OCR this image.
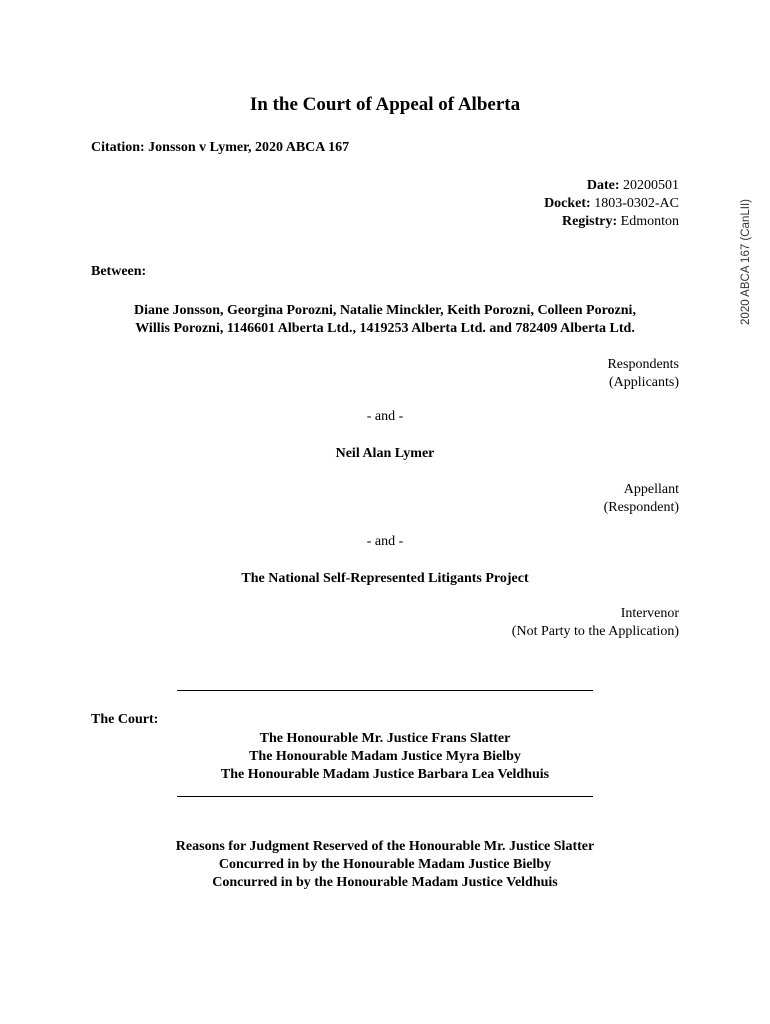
In the Court of Appeal of Alberta
Citation: Jonsson v Lymer, 2020 ABCA 167
Date: 20200501
Docket: 1803-0302-AC
Registry: Edmonton
Between:
Diane Jonsson, Georgina Porozni, Natalie Minckler, Keith Porozni, Colleen Porozni,
Willis Porozni, 1146601 Alberta Ltd., 1419253 Alberta Ltd. and 782409 Alberta Ltd.
Respondents
(Applicants)
- and -
Neil Alan Lymer
Appellant
(Respondent)
- and -
The National Self-Represented Litigants Project
Intervenor
(Not Party to the Application)
The Court:
The Honourable Mr. Justice Frans Slatter
The Honourable Madam Justice Myra Bielby
The Honourable Madam Justice Barbara Lea Veldhuis
Reasons for Judgment Reserved of the Honourable Mr. Justice Slatter
Concurred in by the Honourable Madam Justice Bielby
Concurred in by the Honourable Madam Justice Veldhuis
2020 ABCA 167 (CanLII)
